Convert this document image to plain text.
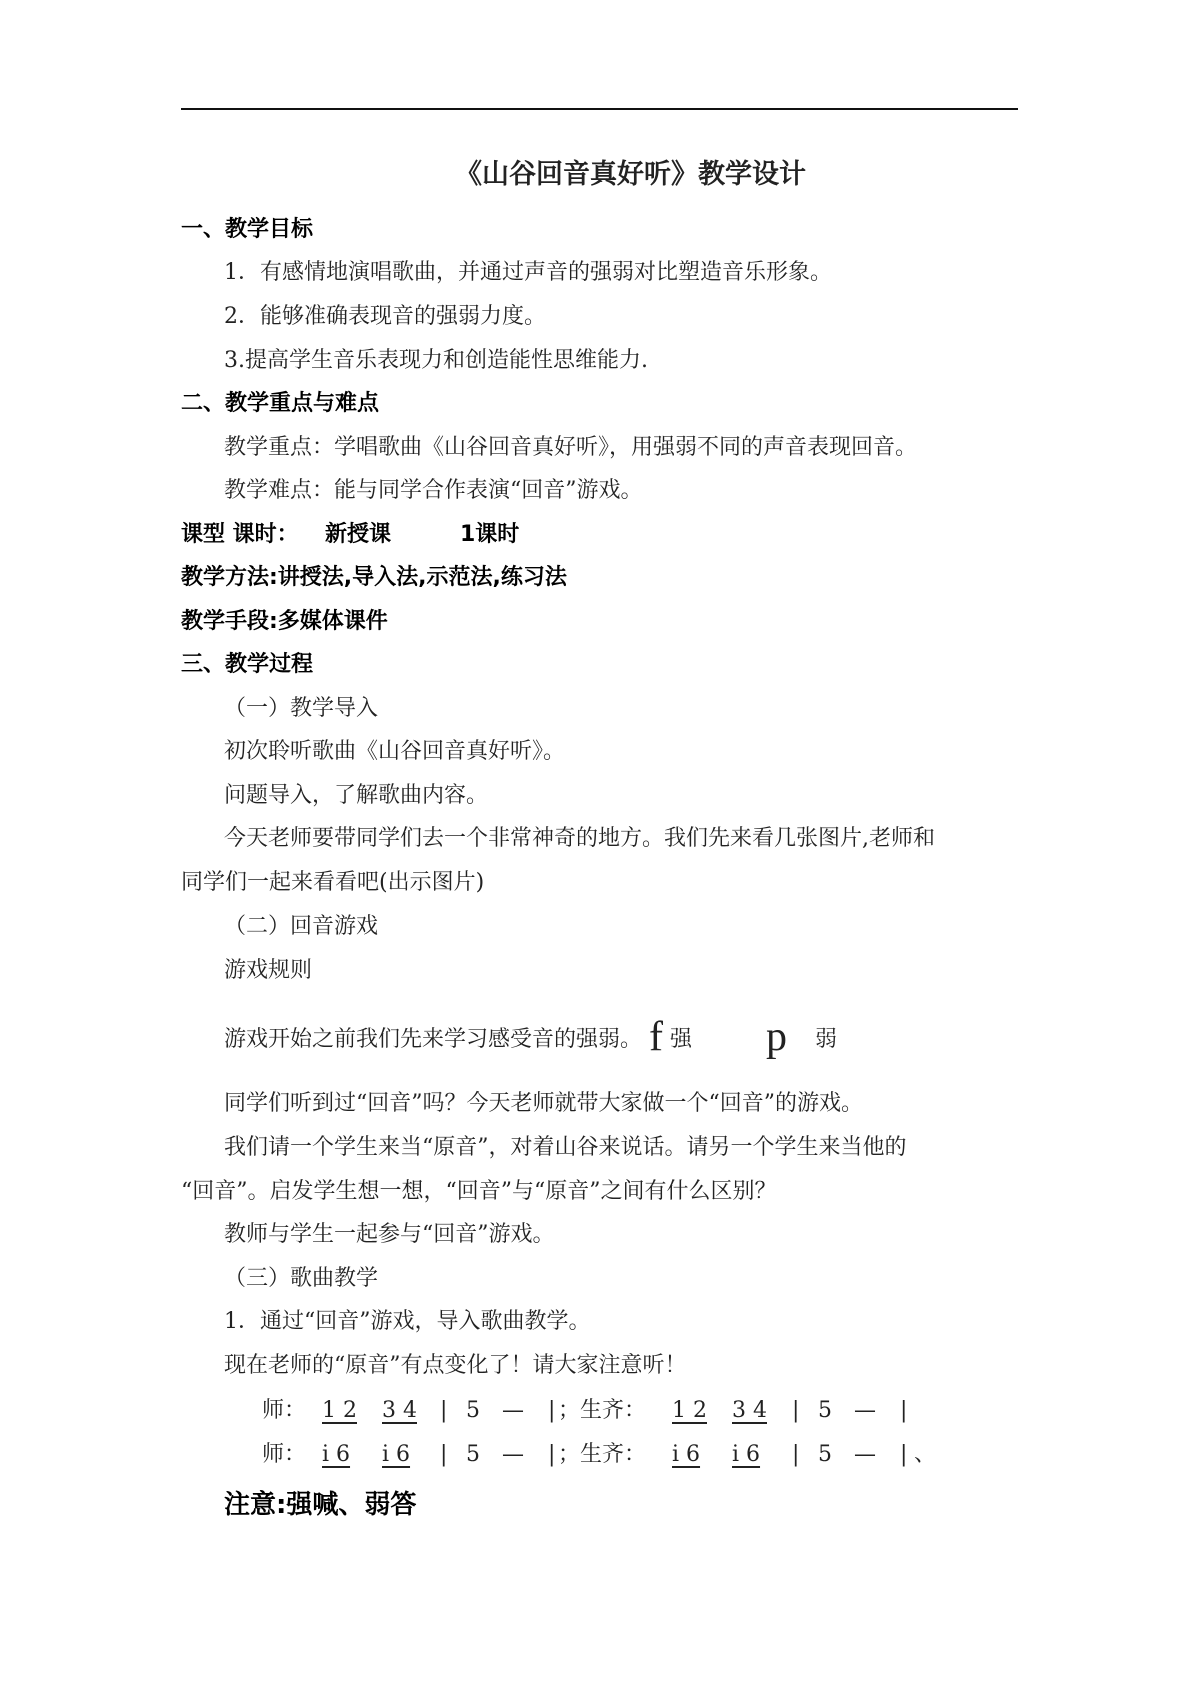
《山谷回音真好听》教学设计
一、教学目标
1．有感情地演唱歌曲，并通过声音的强弱对比塑造音乐形象。
2．能够准确表现音的强弱力度。
3.提高学生音乐表现力和创造能性思维能力.
二、教学重点与难点
教学重点：学唱歌曲《山谷回音真好听》，用强弱不同的声音表现回音。
教学难点：能与同学合作表演“回音”游戏。
课型 课时： 新授课	1课时
教学方法:讲授法,导入法,示范法,练习法
教学手段:多媒体课件
三、教学过程
（一）教学导入
初次聆听歌曲《山谷回音真好听》。
问题导入，了解歌曲内容。
今天老师要带同学们去一个非常神奇的地方。我们先来看几张图片,老师和
同学们一起来看看吧(出示图片)
（二）回音游戏
游戏规则
游戏开始之前我们先来学习感受音的强弱。 f 强 p 弱
同学们听到过“回音”吗？今天老师就带大家做一个“回音”的游戏。
我们请一个学生来当“原音”，对着山谷来说话。请另一个学生来当他的
“回音”。启发学生想一想，“回音”与“原音”之间有什么区别？
教师与学生一起参与“回音”游戏。
（三）歌曲教学
1．通过“回音”游戏，导入歌曲教学。
现在老师的“原音”有点变化了！请大家注意听！
师： 1 2 3 4 | 5 — | ；生齐： 1 2 3 4 | 5 — |
师： i 6 i 6 | 5 — | ；生齐： i 6 i 6 | 5 — | 、
注意:强喊、弱答
